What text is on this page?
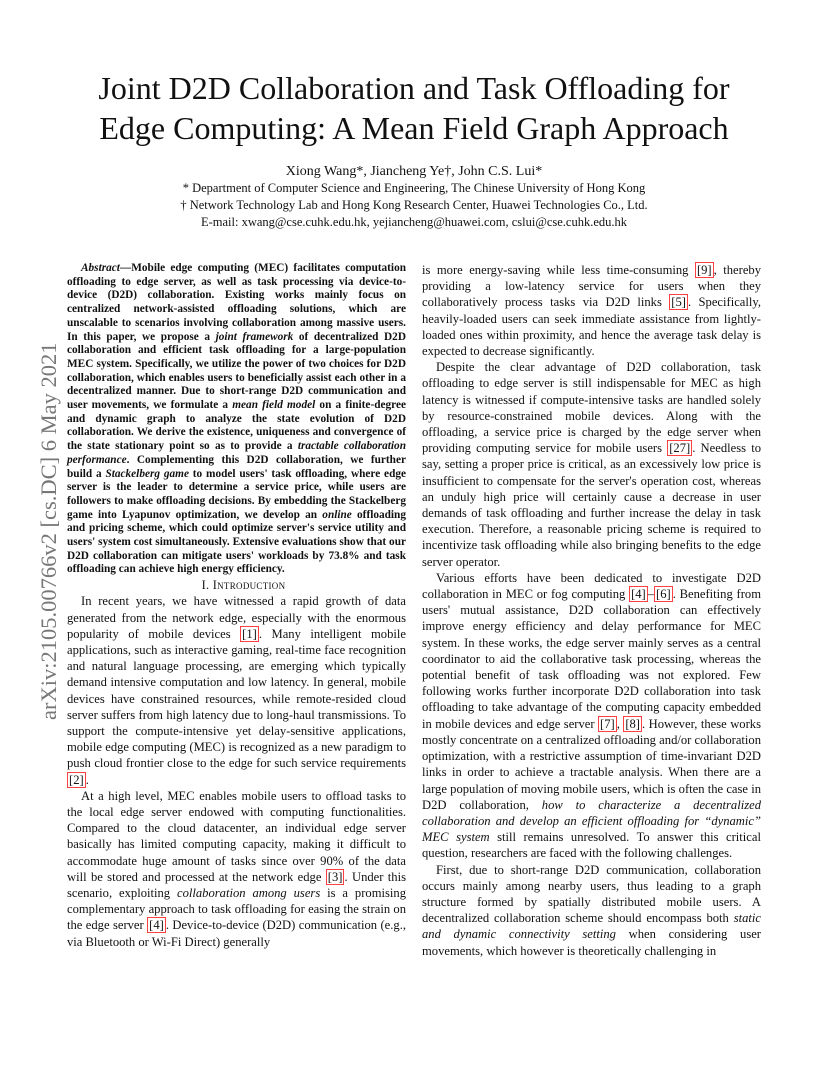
Joint D2D Collaboration and Task Offloading for
Edge Computing: A Mean Field Graph Approach
Xiong Wang*, Jiancheng Ye†, John C.S. Lui*
* Department of Computer Science and Engineering, The Chinese University of Hong Kong
† Network Technology Lab and Hong Kong Research Center, Huawei Technologies Co., Ltd.
E-mail: xwang@cse.cuhk.edu.hk, yejiancheng@huawei.com, cslui@cse.cuhk.edu.hk
arXiv:2105.00766v2 [cs.DC] 6 May 2021

Abstract—Mobile edge computing (MEC) facilitates computation offloading to edge server, as well as task processing via device-to-device (D2D) collaboration. Existing works mainly focus on centralized network-assisted offloading solutions, which are unscalable to scenarios involving collaboration among massive users. In this paper, we propose a joint framework of decentralized D2D collaboration and efficient task offloading for a large-population MEC system. Specifically, we utilize the power of two choices for D2D collaboration, which enables users to beneficially assist each other in a decentralized manner. Due to short-range D2D communication and user movements, we formulate a mean field model on a finite-degree and dynamic graph to analyze the state evolution of D2D collaboration. We derive the existence, uniqueness and convergence of the state stationary point so as to provide a tractable collaboration performance. Complementing this D2D collaboration, we further build a Stackelberg game to model users' task offloading, where edge server is the leader to determine a service price, while users are followers to make offloading decisions. By embedding the Stackelberg game into Lyapunov optimization, we develop an online offloading and pricing scheme, which could optimize server's service utility and users' system cost simultaneously. Extensive evaluations show that our D2D collaboration can mitigate users' workloads by 73.8% and task offloading can achieve high energy efficiency.

I. Introduction

In recent years, we have witnessed a rapid growth of data generated from the network edge, especially with the enormous popularity of mobile devices [1] . Many intelligent mobile applications, such as interactive gaming, real-time face recognition and natural language processing, are emerging which typically demand intensive computation and low latency. In general, mobile devices have constrained resources, while remote-resided cloud server suffers from high latency due to long-haul transmissions. To support the compute-intensive yet delay-sensitive applications, mobile edge computing (MEC) is recognized as a new paradigm to push cloud frontier close to the edge for such service requirements [2] .

At a high level, MEC enables mobile users to offload tasks to the local edge server endowed with computing functionalities. Compared to the cloud datacenter, an individual edge server basically has limited computing capacity, making it difficult to accommodate huge amount of tasks since over 90% of the data will be stored and processed at the network edge [3] . Under this scenario, exploiting collaboration among users is a promising complementary approach to task offloading for easing the strain on the edge server [4] . Device-to-device (D2D) communication (e.g., via Bluetooth or Wi-Fi Direct) generally

is more energy-saving while less time-consuming [9] , thereby providing a low-latency service for users when they collaboratively process tasks via D2D links [5] . Specifically, heavily-loaded users can seek immediate assistance from lightly-loaded ones within proximity, and hence the average task delay is expected to decrease significantly.

Despite the clear advantage of D2D collaboration, task offloading to edge server is still indispensable for MEC as high latency is witnessed if compute-intensive tasks are handled solely by resource-constrained mobile devices. Along with the offloading, a service price is charged by the edge server when providing computing service for mobile users [27] . Needless to say, setting a proper price is critical, as an excessively low price is insufficient to compensate for the server's operation cost, whereas an unduly high price will certainly cause a decrease in user demands of task offloading and further increase the delay in task execution. Therefore, a reasonable pricing scheme is required to incentivize task offloading while also bringing benefits to the edge server operator.

Various efforts have been dedicated to investigate D2D collaboration in MEC or fog computing [4] – [6] . Benefiting from users' mutual assistance, D2D collaboration can effectively improve energy efficiency and delay performance for MEC system. In these works, the edge server mainly serves as a central coordinator to aid the collaborative task processing, whereas the potential benefit of task offloading was not explored. Few following works further incorporate D2D collaboration into task offloading to take advantage of the computing capacity embedded in mobile devices and edge server [7] , [8] . However, these works mostly concentrate on a centralized offloading and/or collaboration optimization, with a restrictive assumption of time-invariant D2D links in order to achieve a tractable analysis. When there are a large population of moving mobile users, which is often the case in D2D collaboration, how to characterize a decentralized collaboration and develop an efficient offloading for “dynamic” MEC system still remains unresolved. To answer this critical question, researchers are faced with the following challenges.

First, due to short-range D2D communication, collaboration occurs mainly among nearby users, thus leading to a graph structure formed by spatially distributed mobile users. A decentralized collaboration scheme should encompass both static and dynamic connectivity setting when considering user movements, which however is theoretically challenging in
